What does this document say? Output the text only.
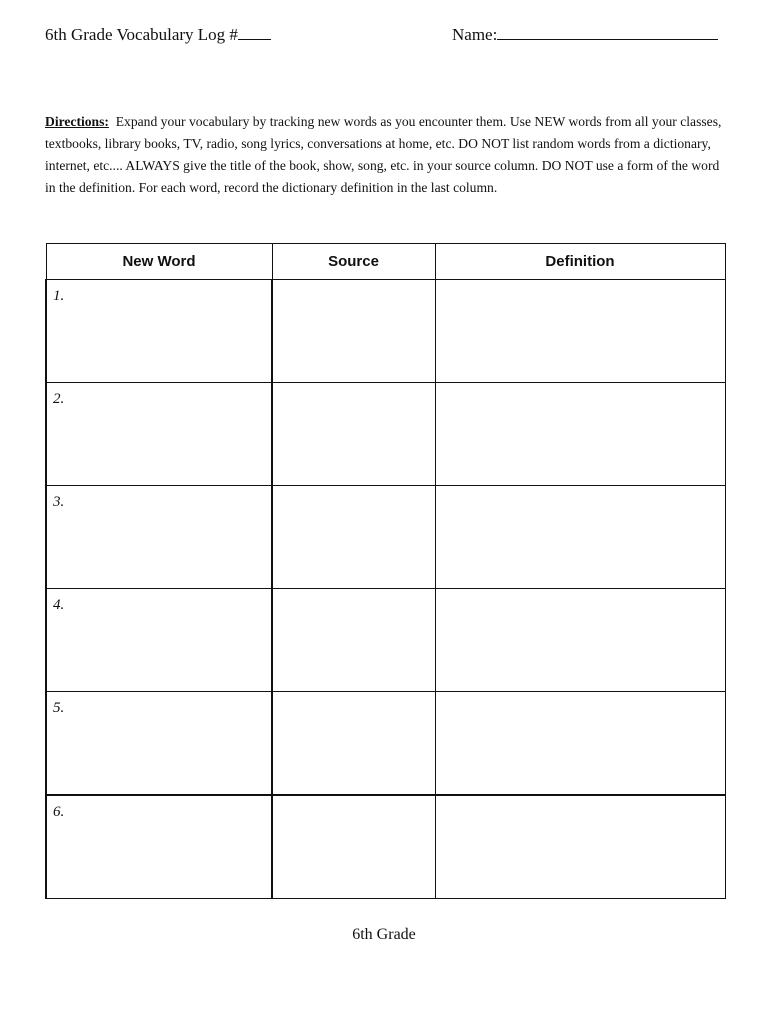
6th Grade Vocabulary Log #	Name:
Directions: Expand your vocabulary by tracking new words as you encounter them. Use NEW words from all your classes, textbooks, library books, TV, radio, song lyrics, conversations at home, etc. DO NOT list random words from a dictionary, internet, etc.... ALWAYS give the title of the book, show, song, etc. in your source column. DO NOT use a form of the word in the definition. For each word, record the dictionary definition in the last column.
New Word	Source	Definition

1.		

2.		

3.		

4.		

5.		

6.		

6th Grade
